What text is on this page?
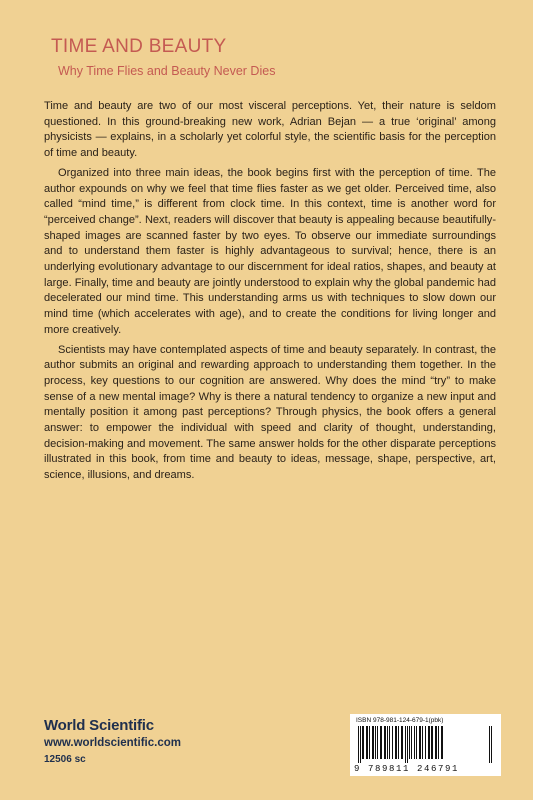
TIME AND BEAUTY
Why Time Flies and Beauty Never Dies

Time and beauty are two of our most visceral perceptions. Yet, their nature is seldom questioned. In this ground-breaking new work, Adrian Bejan — a true ‘original’ among physicists — explains, in a scholarly yet colorful style, the scientific basis for the perception of time and beauty.

Organized into three main ideas, the book begins first with the perception of time. The author expounds on why we feel that time flies faster as we get older. Perceived time, also called “mind time,” is different from clock time. In this context, time is another word for “perceived change”. Next, readers will discover that beauty is appealing because beautifully-shaped images are scanned faster by two eyes. To observe our immediate surroundings and to understand them faster is highly advantageous to survival; hence, there is an underlying evolutionary advantage to our discernment for ideal ratios, shapes, and beauty at large. Finally, time and beauty are jointly understood to explain why the global pandemic had decelerated our mind time. This understanding arms us with techniques to slow down our mind time (which accelerates with age), and to create the conditions for living longer and more creatively.

Scientists may have contemplated aspects of time and beauty separately. In contrast, the author submits an original and rewarding approach to understanding them together. In the process, key questions to our cognition are answered. Why does the mind “try” to make sense of a new mental image? Why is there a natural tendency to organize a new input and mentally position it among past perceptions? Through physics, the book offers a general answer: to empower the individual with speed and clarity of thought, understanding, decision-making and movement. The same answer holds for the other disparate perceptions illustrated in this book, from time and beauty to ideas, message, shape, perspective, art, science, illusions, and dreams.

World Scientific
www.worldscientific.com
12506 sc
ISBN 978-981-124-679-1(pbk)
9 789811 246791
